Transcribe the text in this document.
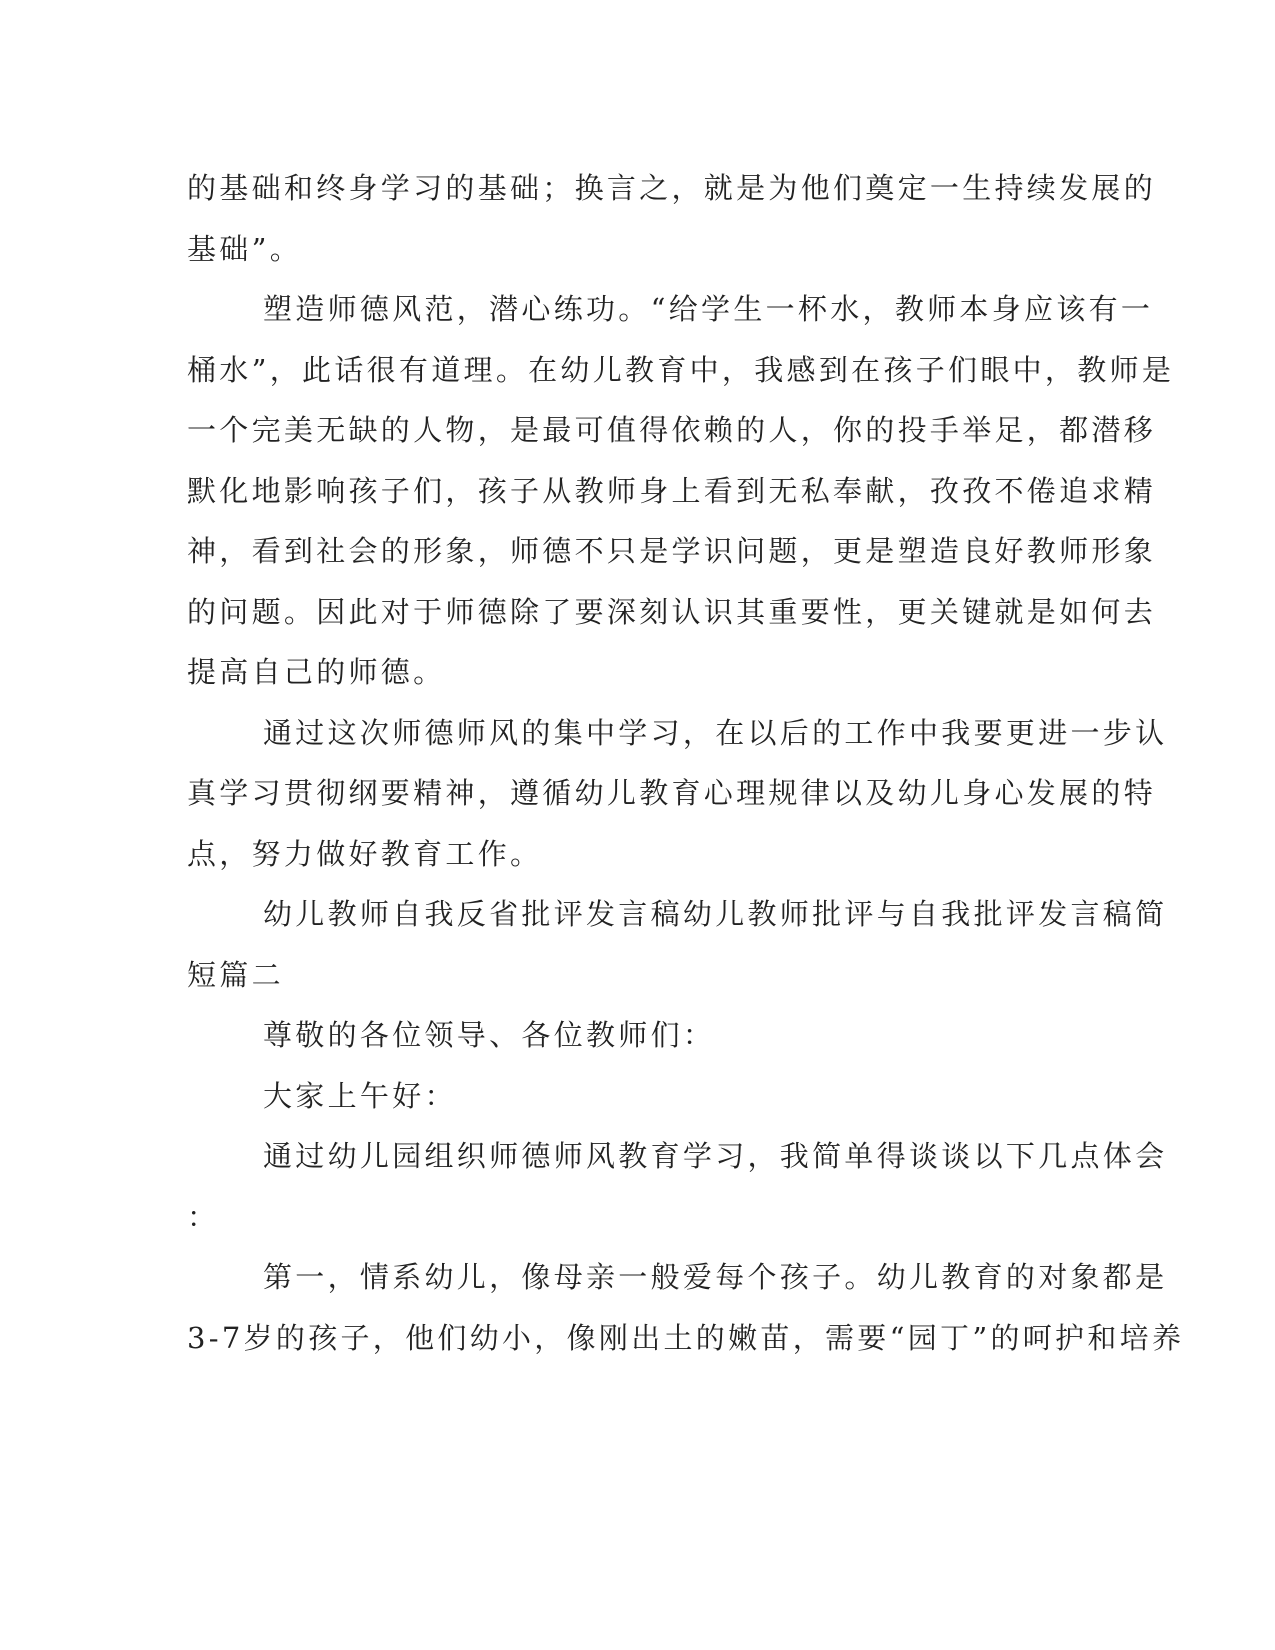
的基础和终身学习的基础；换言之，就是为他们奠定一生持续发展的
基础”。
塑造师德风范，潜心练功。“给学生一杯水，教师本身应该有一
桶水”，此话很有道理。在幼儿教育中，我感到在孩子们眼中，教师是
一个完美无缺的人物，是最可值得依赖的人，你的投手举足，都潜移
默化地影响孩子们，孩子从教师身上看到无私奉献，孜孜不倦追求精
神，看到社会的形象，师德不只是学识问题，更是塑造良好教师形象
的问题。因此对于师德除了要深刻认识其重要性，更关键就是如何去
提高自己的师德。
通过这次师德师风的集中学习，在以后的工作中我要更进一步认
真学习贯彻纲要精神，遵循幼儿教育心理规律以及幼儿身心发展的特
点，努力做好教育工作。
幼儿教师自我反省批评发言稿幼儿教师批评与自我批评发言稿简
短篇二
尊敬的各位领导、各位教师们：
大家上午好：
通过幼儿园组织师德师风教育学习，我简单得谈谈以下几点体会
：
第一，情系幼儿，像母亲一般爱每个孩子。幼儿教育的对象都是
3-7岁的孩子，他们幼小，像刚出土的嫩苗，需要“园丁”的呵护和培养
